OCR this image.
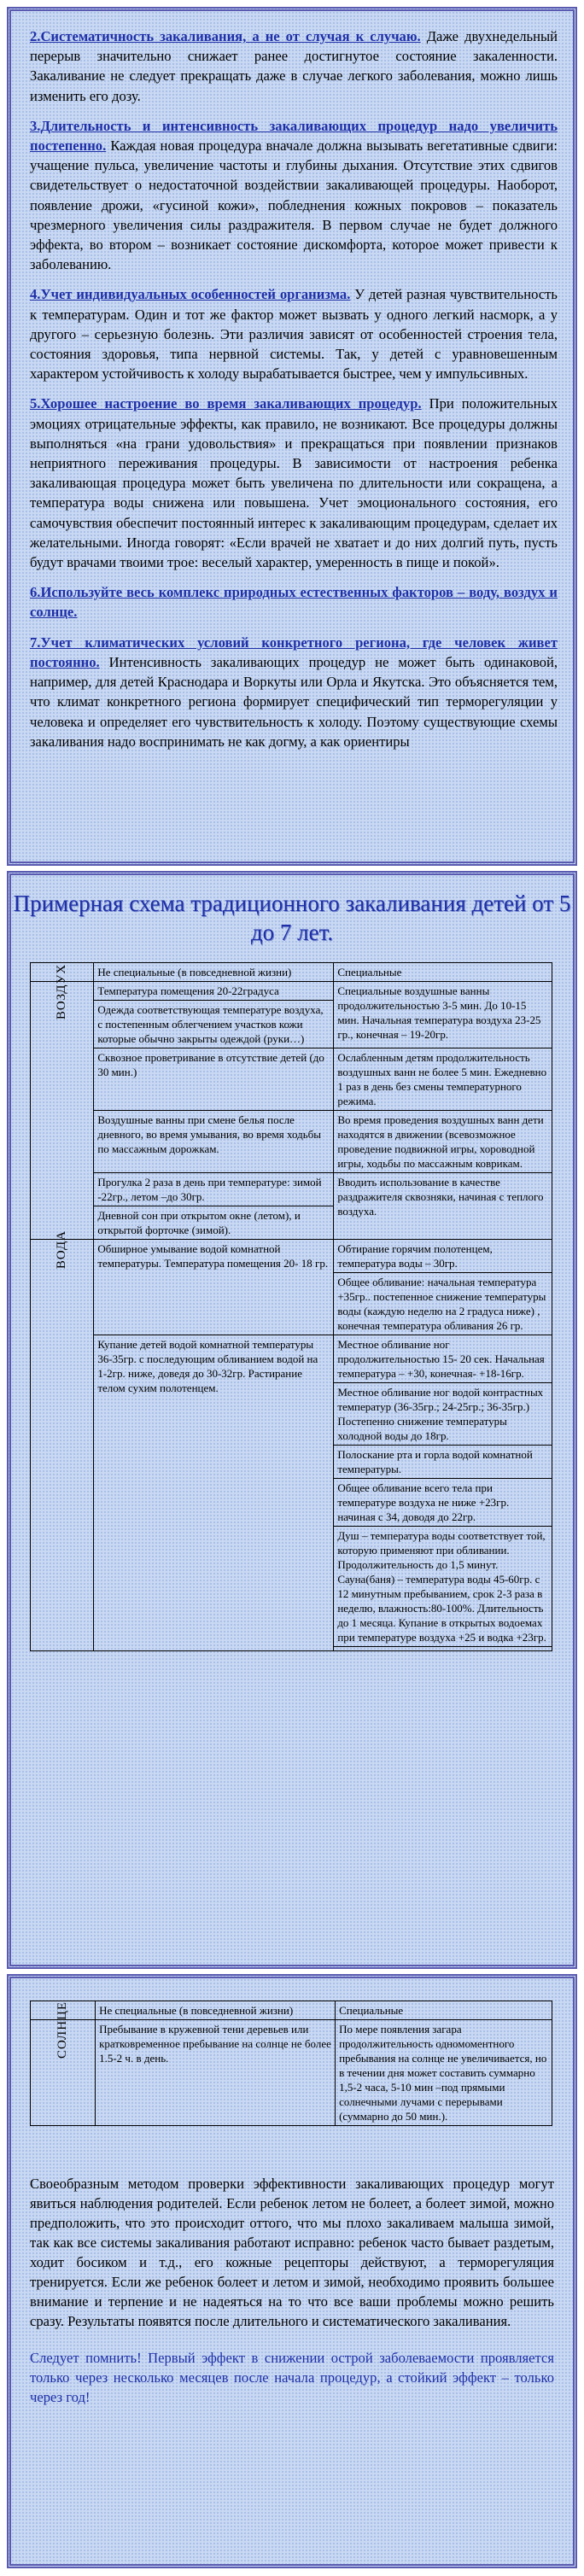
2.Систематичность закаливания, а не от случая к случаю. Даже двухнедельный перерыв значительно снижает ранее достигнутое состояние закаленности. Закаливание не следует прекращать даже в случае легкого заболевания, можно лишь изменить его дозу.

3.Длительность и интенсивность закаливающих процедур надо увеличить постепенно. Каждая новая процедура вначале должна вызывать вегетативные сдвиги: учащение пульса, увеличение частоты и глубины дыхания. Отсутствие этих сдвигов свидетельствует о недостаточной воздействии закаливающей процедуры. Наоборот, появление дрожи, «гусиной кожи», побледнения кожных покровов – показатель чрезмерного увеличения силы раздражителя. В первом случае не будет должного эффекта, во втором – возникает состояние дискомфорта, которое может привести к заболеванию.

4.Учет индивидуальных особенностей организма. У детей разная чувствительность к температурам. Один и тот же фактор может вызвать у одного легкий насморк, а у другого – серьезную болезнь. Эти различия зависят от особенностей строения тела, состояния здоровья, типа нервной системы. Так, у детей с уравновешенным характером устойчивость к холоду вырабатывается быстрее, чем у импульсивных.

5.Хорошее настроение во время закаливающих процедур. При положительных эмоциях отрицательные эффекты, как правило, не возникают. Все процедуры должны выполняться «на грани удовольствия» и прекращаться при появлении признаков неприятного переживания процедуры. В зависимости от настроения ребенка закаливающая процедура может быть увеличена по длительности или сокращена, а температура воды снижена или повышена. Учет эмоционального состояния, его самочувствия обеспечит постоянный интерес к закаливающим процедурам, сделает их желательными. Иногда говорят: «Если врачей не хватает и до них долгий путь, пусть будут врачами твоими трое: веселый характер, умеренность в пище и покой».

6.Используйте весь комплекс природных естественных факторов – воду, воздух и солнце.

7.Учет климатических условий конкретного региона, где человек живет постоянно. Интенсивность закаливающих процедур не может быть одинаковой, например, для детей Краснодара и Воркуты или Орла и Якутска. Это объясняется тем, что климат конкретного региона формирует специфический тип терморегуляции у человека и определяет его чувствительность к холоду. Поэтому существующие схемы закаливания надо воспринимать не как догму, а как ориентиры

Примерная схема традиционного закаливания детей от 5 до 7 лет.
	Не специальные (в повседневной жизни)	Специальные
ВОЗДУХ	Температура помещения 20-22градуса	Специальные воздушные ванны продолжительностью 3-5 мин. До 10-15 мин. Начальная температура воздуха 23-25 гр., конечная – 19-20гр.
	Одежда соответствующая температуре воздуха, с постепенным облегчением участков кожи которые обычно закрыты одеждой (руки…)	
	Сквозное проветривание в отсутствие детей (до 30 мин.)	Ослабленным детям продолжительность воздушных ванн не более 5 мин. Ежедневно 1 раз в день без смены температурного режима.
	Воздушные ванны при смене белья после дневного, во время умывания, во время ходьбы по массажным дорожкам.	Во время проведения воздушных ванн дети находятся в движении (всевозможное проведение подвижной игры, хороводной игры, ходьбы по массажным коврикам.
	Прогулка 2 раза в день при температуре: зимой -22гр., летом –до 30гр.	Вводить использование в качестве раздражителя сквозняки, начиная с теплого воздуха.
	Дневной сон при открытом окне (летом), и открытой форточке (зимой).	
ВОДА	Обширное умывание водой комнатной температуры. Температура помещения 20- 18 гр.	Обтирание горячим полотенцем, температура воды – 30гр.
		Общее обливание: начальная температура +35гр.. постепенное снижение температуры воды (каждую неделю на 2 градуса ниже) , конечная температура обливания 26 гр.
	Купание детей водой комнатной температуры 36-35гр. с последующим обливанием водой на 1-2гр. ниже, доведя до 30-32гр. Растирание телом сухим полотенцем.	Местное обливание ног продолжительностью 15- 20 сек. Начальная температура – +30, конечная- +18-16гр.
		Местное обливание ног водой контрастных температур (36-35гр.; 24-25гр.; 36-35гр.) Постепенно снижение температуры холодной воды до 18гр.
		Полоскание рта и горла водой комнатной температуры.
		Общее обливание всего тела при температуре воздуха не ниже +23гр. начиная с 34, доводя до 22гр.
		Душ – температура воды соответствует той, которую применяют при обливании. Продолжительность до 1,5 минут. Сауна(баня) – температура воды 45-60гр. с 12 минутным пребыванием, срок 2-3 раза в неделю, влажность:80-100%. Длительность до 1 месяца. Купание в открытых водоемах при температуре воздуха +25 и водка +23гр.

	Не специальные (в повседневной жизни)	Специальные
СОЛНЦЕ	Пребывание в кружевной тени деревьев или кратковременное пребывание на солнце не более 1.5-2 ч. в день.	По мере появления загара продолжительность одномоментного пребывания на солнце не увеличивается, но в течении дня может составить суммарно 1,5-2 часа, 5-10 мин –под прямыми солнечными лучами с перерывами (суммарно до 50 мин.).

Своеобразным методом проверки эффективности закаливающих процедур могут явиться наблюдения родителей. Если ребенок летом не болеет, а болеет зимой, можно предположить, что это происходит оттого, что мы плохо закаливаем малыша зимой, так как все системы закаливания работают исправно: ребенок часто бывает раздетым, ходит босиком и т.д., его кожные рецепторы действуют, а терморегуляция тренируется. Если же ребенок болеет и летом и зимой, необходимо проявить большее внимание и терпение и не надеяться на то что все ваши проблемы можно решить сразу. Результаты появятся после длительного и систематического закаливания.

Следует помнить! Первый эффект в снижении острой заболеваемости проявляется только через несколько месяцев после начала процедур, а стойкий эффект – только через год!
